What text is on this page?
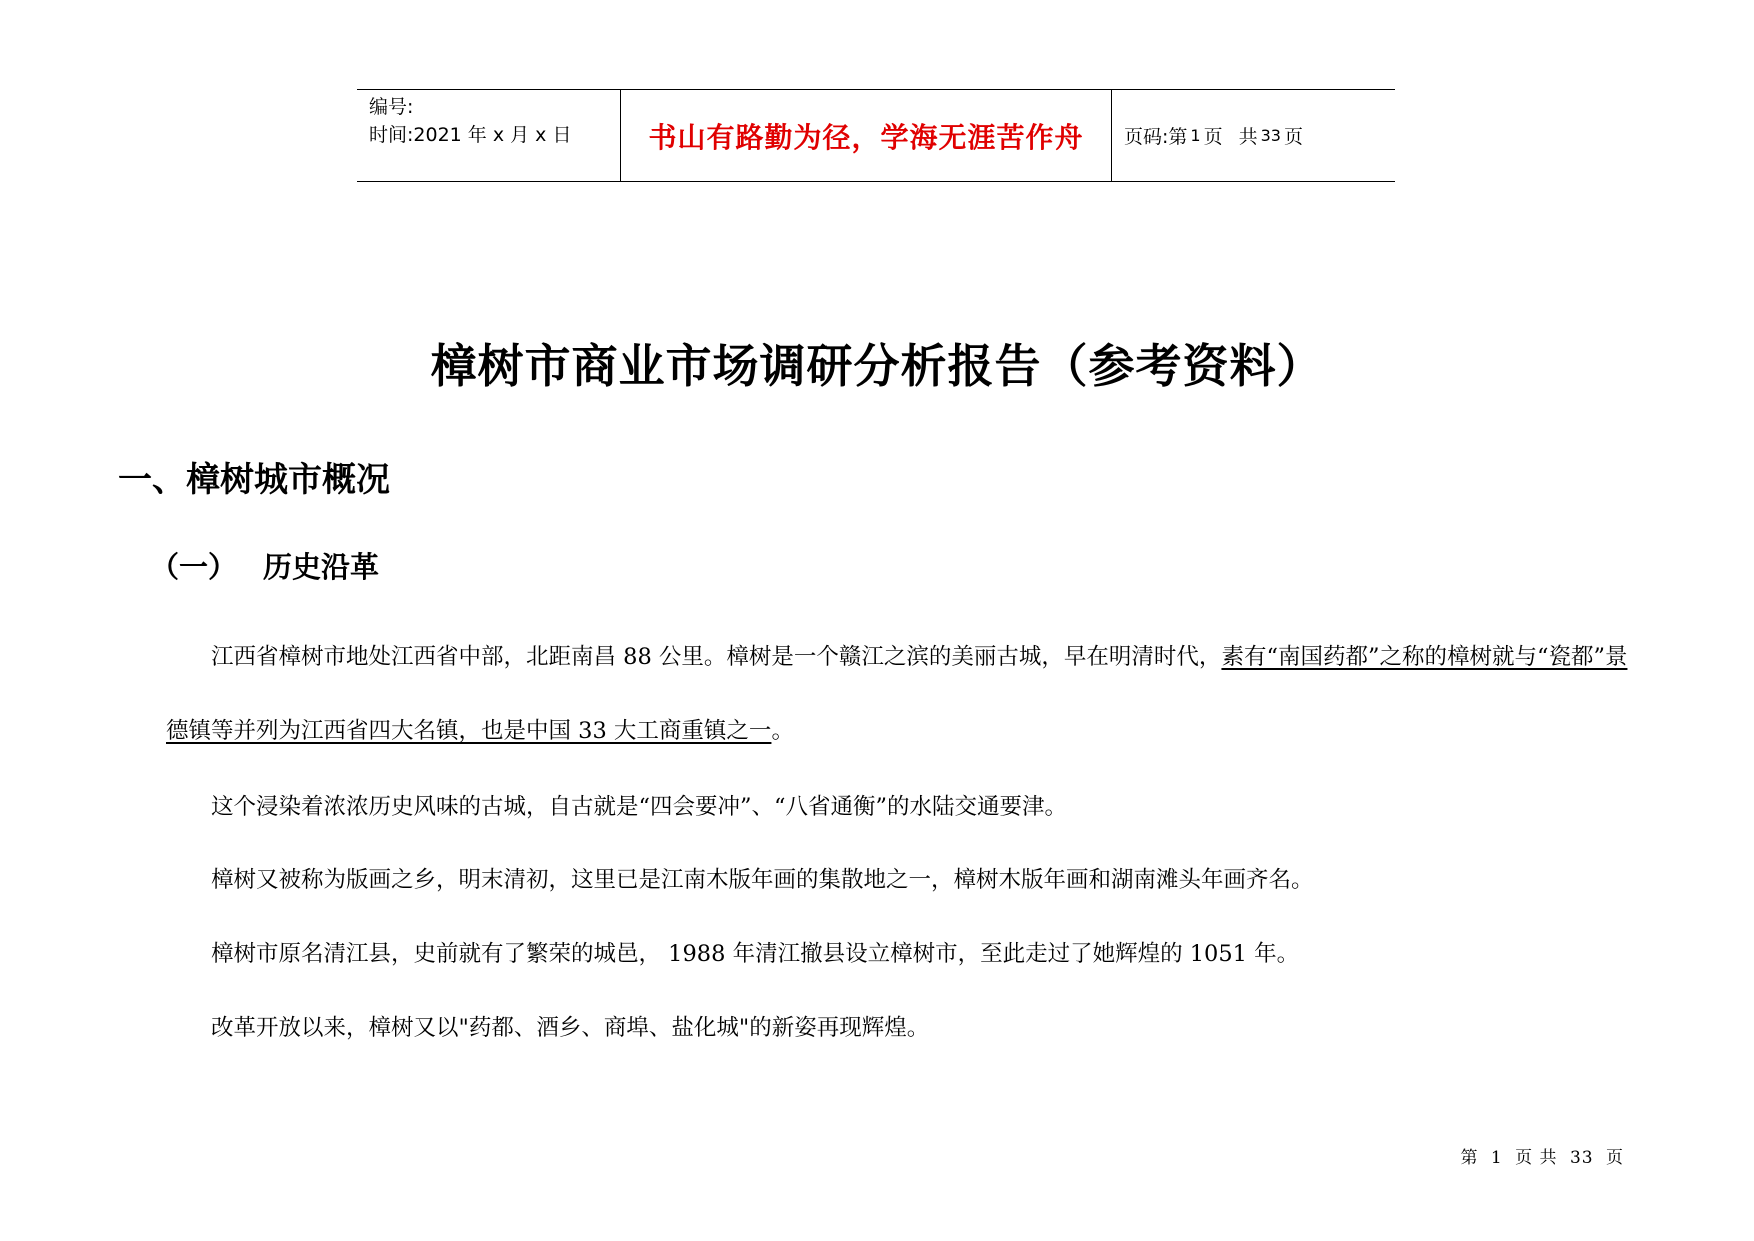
编号:
时间:2021 年 x 月 x 日	书山有路勤为径，学海无涯苦作舟 页码:第 1 页 共 33 页
樟树市商业市场调研分析报告（参考资料）
一、樟树城市概况
（一） 历史沿革

江西省樟树市地处江西省中部，北距南昌 88 公里。樟树是一个赣江之滨的美丽古城，早在明清时代，素有“南国药都”之称的樟树就与“瓷都”景德镇等并列为江西省四大名镇，也是中国 33 大工商重镇之一。

这个浸染着浓浓历史风味的古城，自古就是“四会要冲”、“八省通衡”的水陆交通要津。

樟树又被称为版画之乡，明末清初，这里已是江南木版年画的集散地之一，樟树木版年画和湖南滩头年画齐名。

樟树市原名清江县，史前就有了繁荣的城邑， 1988 年清江撤县设立樟树市，至此走过了她辉煌的 1051 年。

改革开放以来，樟树又以"药都、酒乡、商埠、盐化城"的新姿再现辉煌。

第 1 页 共 33 页
